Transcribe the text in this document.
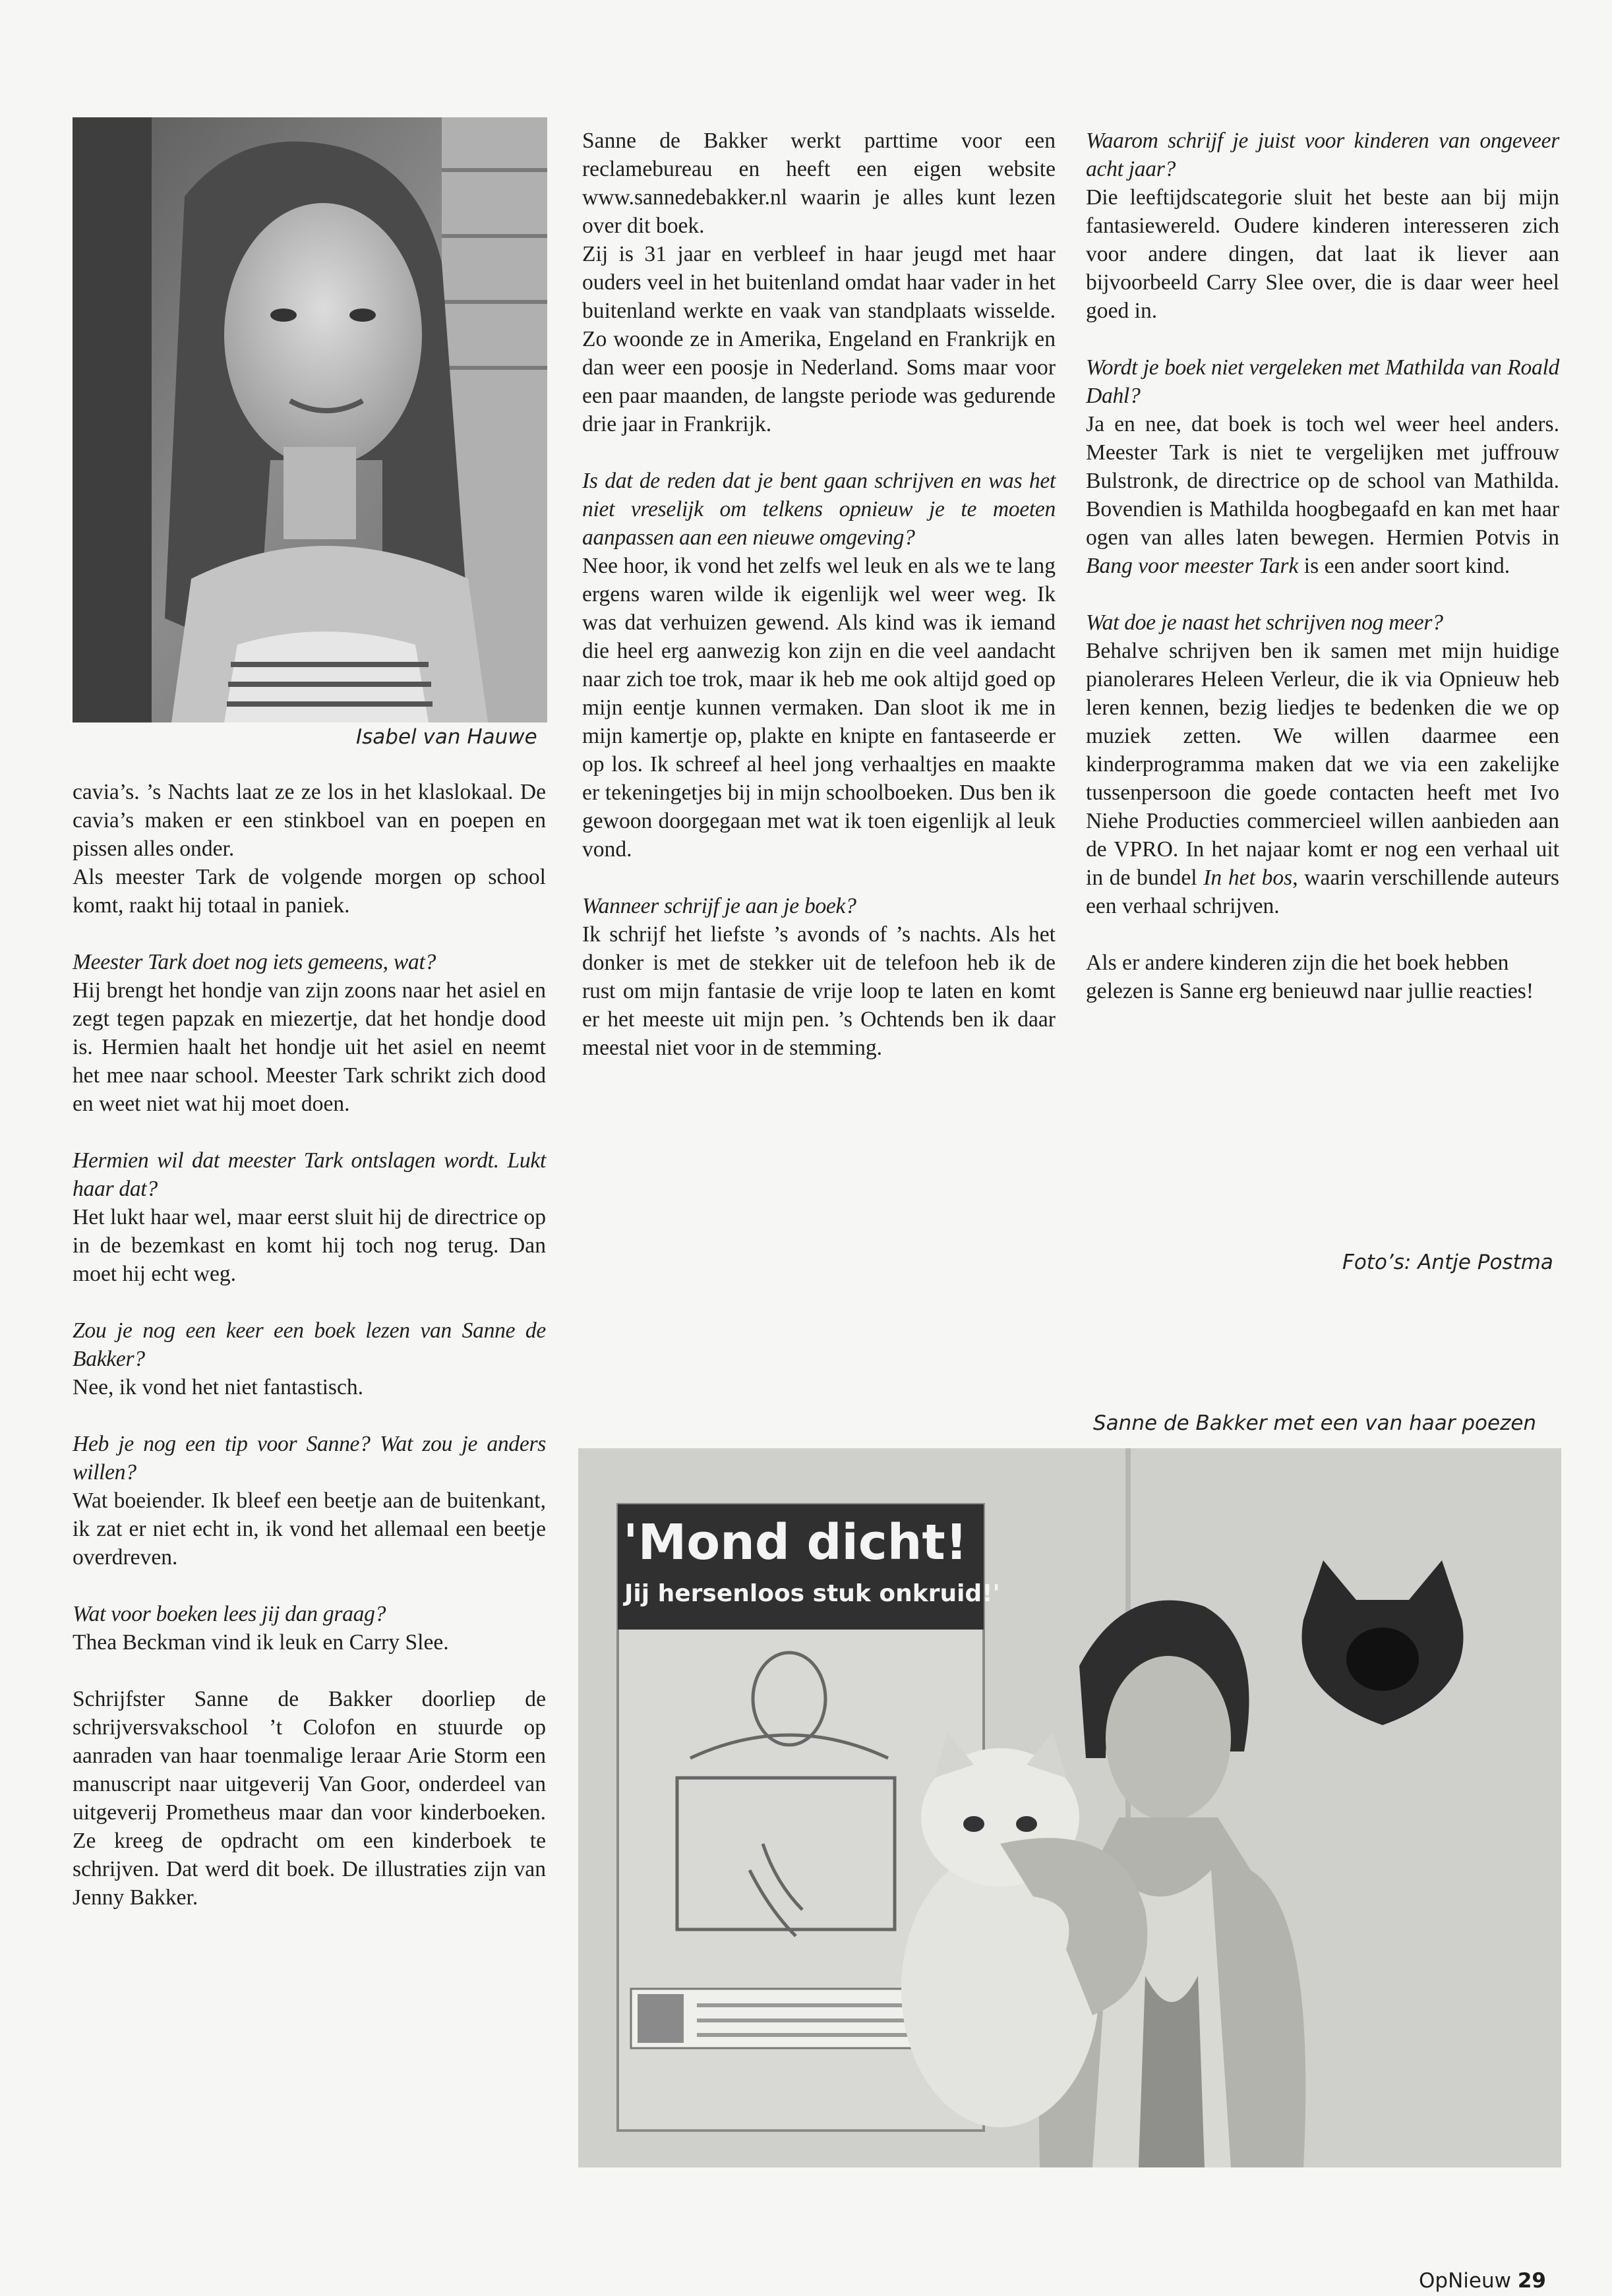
Isabel van Hauwe

cavia’s. ’s Nachts laat ze ze los in het klaslokaal. De cavia’s maken er een stinkboel van en poepen en pissen alles onder.

Als meester Tark de volgende morgen op school komt, raakt hij totaal in paniek.

Meester Tark doet nog iets gemeens, wat?
Hij brengt het hondje van zijn zoons naar het asiel en zegt tegen papzak en miezertje, dat het hondje dood is. Hermien haalt het hondje uit het asiel en neemt het mee naar school. Meester Tark schrikt zich dood en weet niet wat hij moet doen.

Hermien wil dat meester Tark ontslagen wordt. Lukt haar dat?
Het lukt haar wel, maar eerst sluit hij de directrice op in de bezemkast en komt hij toch nog terug. Dan moet hij echt weg.

Zou je nog een keer een boek lezen van Sanne de Bakker?
Nee, ik vond het niet fantastisch.

Heb je nog een tip voor Sanne? Wat zou je anders willen?
Wat boeiender. Ik bleef een beetje aan de buitenkant, ik zat er niet echt in, ik vond het allemaal een beetje overdreven.

Wat voor boeken lees jij dan graag?
Thea Beckman vind ik leuk en Carry Slee.

Schrijfster Sanne de Bakker doorliep de schrijversvakschool ’t Colofon en stuurde op aanraden van haar toenmalige leraar Arie Storm een manuscript naar uitgeverij Van Goor, onderdeel van uitgeverij Prometheus maar dan voor kinderboeken. Ze kreeg de opdracht om een kinderboek te schrijven. Dat werd dit boek. De illustraties zijn van Jenny Bakker.

Sanne de Bakker werkt parttime voor een reclamebureau en heeft een eigen website www.sannedebakker.nl waarin je alles kunt lezen over dit boek.

Zij is 31 jaar en verbleef in haar jeugd met haar ouders veel in het buitenland omdat haar vader in het buitenland werkte en vaak van standplaats wisselde. Zo woonde ze in Amerika, Engeland en Frankrijk en dan weer een poosje in Nederland. Soms maar voor een paar maanden, de langste periode was gedurende drie jaar in Frankrijk.

Is dat de reden dat je bent gaan schrijven en was het niet vreselijk om telkens opnieuw je te moeten aanpassen aan een nieuwe omgeving?
Nee hoor, ik vond het zelfs wel leuk en als we te lang ergens waren wilde ik eigenlijk wel weer weg. Ik was dat verhuizen gewend. Als kind was ik iemand die heel erg aanwezig kon zijn en die veel aandacht naar zich toe trok, maar ik heb me ook altijd goed op mijn eentje kunnen vermaken. Dan sloot ik me in mijn kamertje op, plakte en knipte en fantaseerde er op los. Ik schreef al heel jong verhaaltjes en maakte er tekeningetjes bij in mijn schoolboeken. Dus ben ik gewoon doorgegaan met wat ik toen eigenlijk al leuk vond.

Wanneer schrijf je aan je boek?
Ik schrijf het liefste ’s avonds of ’s nachts. Als het donker is met de stekker uit de telefoon heb ik de rust om mijn fantasie de vrije loop te laten en komt er het meeste uit mijn pen. ’s Ochtends ben ik daar meestal niet voor in de stemming.

Waarom schrijf je juist voor kinderen van ongeveer acht jaar?
Die leeftijdscategorie sluit het beste aan bij mijn fantasiewereld. Oudere kinderen interesseren zich voor andere dingen, dat laat ik liever aan bijvoorbeeld Carry Slee over, die is daar weer heel goed in.

Wordt je boek niet vergeleken met Mathilda van Roald Dahl?
Ja en nee, dat boek is toch wel weer heel anders. Meester Tark is niet te vergelijken met juffrouw Bulstronk, de directrice op de school van Mathilda. Bovendien is Mathilda hoogbegaafd en kan met haar ogen van alles laten bewegen. Hermien Potvis in Bang voor meester Tark is een ander soort kind.

Wat doe je naast het schrijven nog meer?
Behalve schrijven ben ik samen met mijn huidige pianolerares Heleen Verleur, die ik via Opnieuw heb leren kennen, bezig liedjes te bedenken die we op muziek zetten. We willen daarmee een kinderprogramma maken dat we via een zakelijke tussenpersoon die goede contacten heeft met Ivo Niehe Producties commercieel willen aanbieden aan de VPRO. In het najaar komt er nog een verhaal uit in de bundel In het bos, waarin verschillende auteurs een verhaal schrijven.

Als er andere kinderen zijn die het boek hebben gelezen is Sanne erg benieuwd naar jullie reacties!

Foto’s: Antje Postma
Sanne de Bakker met een van haar poezen
'Mond dicht!
Jij hersenloos stuk onkruid!'
OpNieuw 29
